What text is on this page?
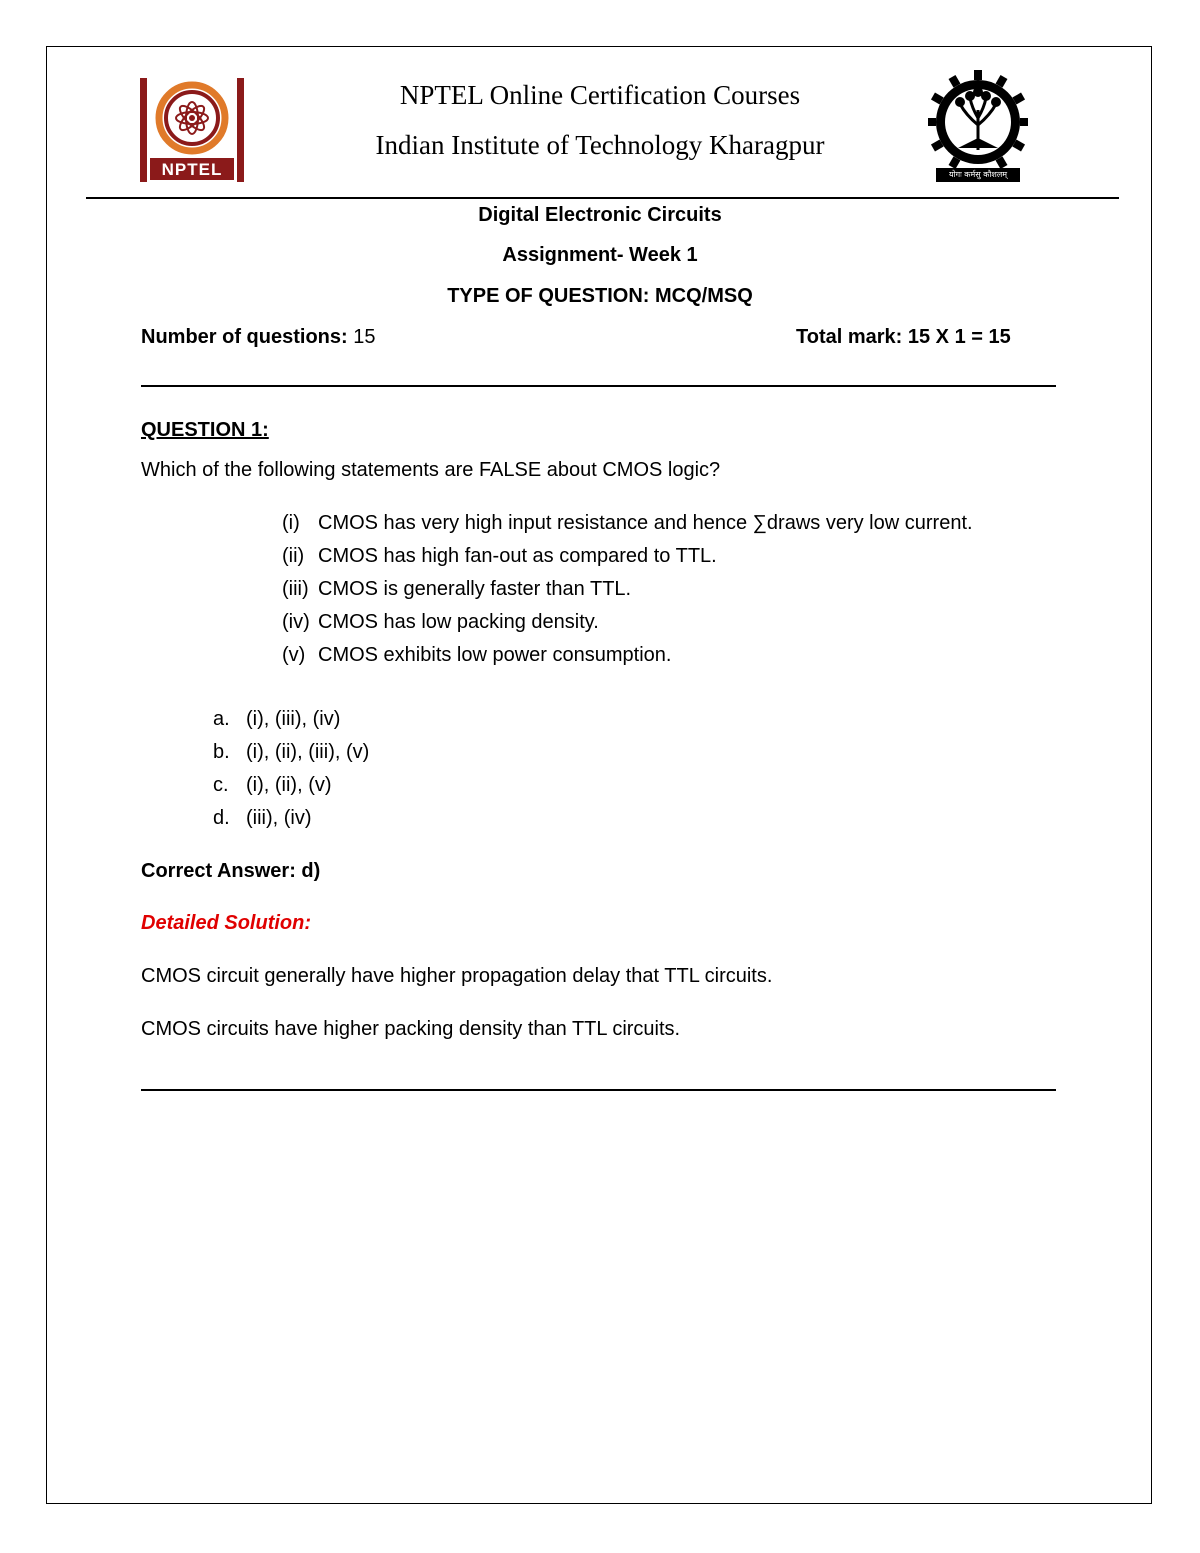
NPTEL
NPTEL Online Certification Courses
Indian Institute of Technology Kharagpur
योगः कर्मसु कौशलम्
Digital Electronic Circuits
Assignment- Week 1
TYPE OF QUESTION: MCQ/MSQ
Number of questions: 15	Total mark: 15 X 1 = 15
QUESTION 1:
Which of the following statements are FALSE about CMOS logic?
(i) CMOS has very high input resistance and hence ∑draws very low current.
(ii) CMOS has high fan-out as compared to TTL.
(iii) CMOS is generally faster than TTL.
(iv) CMOS has low packing density.
(v) CMOS exhibits low power consumption.
a. (i), (iii), (iv)
b. (i), (ii), (iii), (v)
c. (i), (ii), (v)
d. (iii), (iv)
Correct Answer: d)
Detailed Solution:
CMOS circuit generally have higher propagation delay that TTL circuits.
CMOS circuits have higher packing density than TTL circuits.
